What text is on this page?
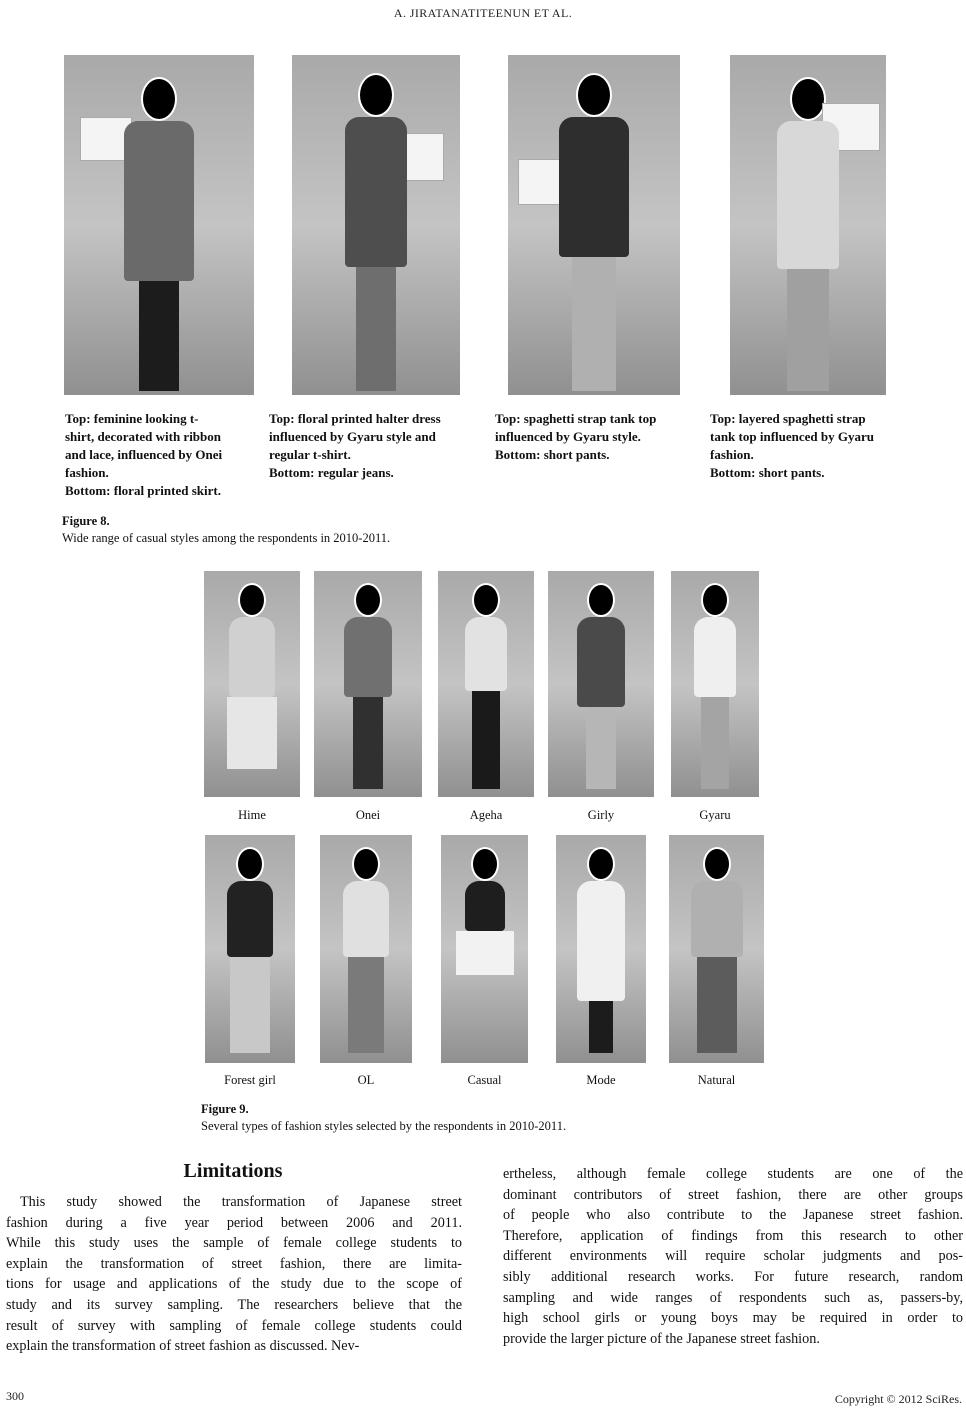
A. JIRATANATITEENUN ET AL.
Top: feminine looking t-
shirt, decorated with ribbon
and lace, influenced by Onei
fashion.
Bottom: floral printed skirt.
Top: floral printed halter dress
influenced by Gyaru style and
regular t-shirt.
Bottom: regular jeans.
Top: spaghetti strap tank top
influenced by Gyaru style.
Bottom: short pants.
Top: layered spaghetti strap
tank top influenced by Gyaru
fashion.
Bottom: short pants.
Figure 8.
Wide range of casual styles among the respondents in 2010-2011.
Hime	Onei	Ageha	Girly	Gyaru
Forest girl	OL	Casual	Mode	Natural
Figure 9.
Several types of fashion styles selected by the respondents in 2010-2011.
Limitations
This study showed the transformation of Japanese street
fashion during a five year period between 2006 and 2011.
While this study uses the sample of female college students to
explain the transformation of street fashion, there are limita-
tions for usage and applications of the study due to the scope of
study and its survey sampling. The researchers believe that the
result of survey with sampling of female college students could
explain the transformation of street fashion as discussed. Nev-
ertheless, although female college students are one of the
dominant contributors of street fashion, there are other groups
of people who also contribute to the Japanese street fashion.
Therefore, application of findings from this research to other
different environments will require scholar judgments and pos-
sibly additional research works. For future research, random
sampling and wide ranges of respondents such as, passers-by,
high school girls or young boys may be required in order to
provide the larger picture of the Japanese street fashion.
300	Copyright © 2012 SciRes.
